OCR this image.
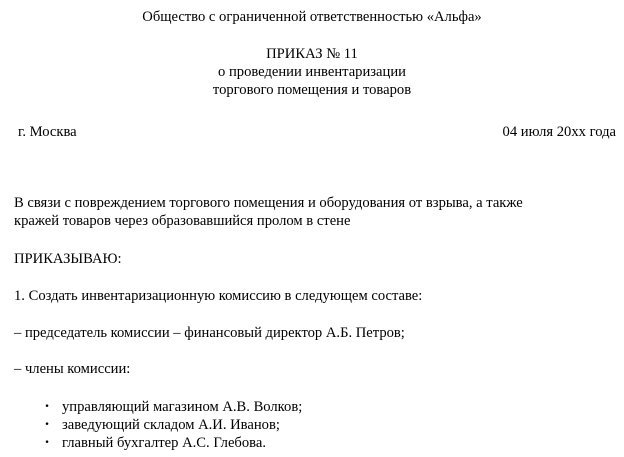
Общество с ограниченной ответственностью «Альфа»
ПРИКАЗ № 11
о проведении инвентаризации
торгового помещения и товаров
г. Москва	04 июля 20хх года
В связи с повреждением торгового помещения и оборудования от взрыва, а также
кражей товаров через образовавшийся пролом в стене
ПРИКАЗЫВАЮ:
1. Создать инвентаризационную комиссию в следующем составе:
– председатель комиссии – финансовый директор А.Б. Петров;
– члены комиссии:
• управляющий магазином А.В. Волков;
• заведующий складом А.И. Иванов;
• главный бухгалтер А.С. Глебова.
